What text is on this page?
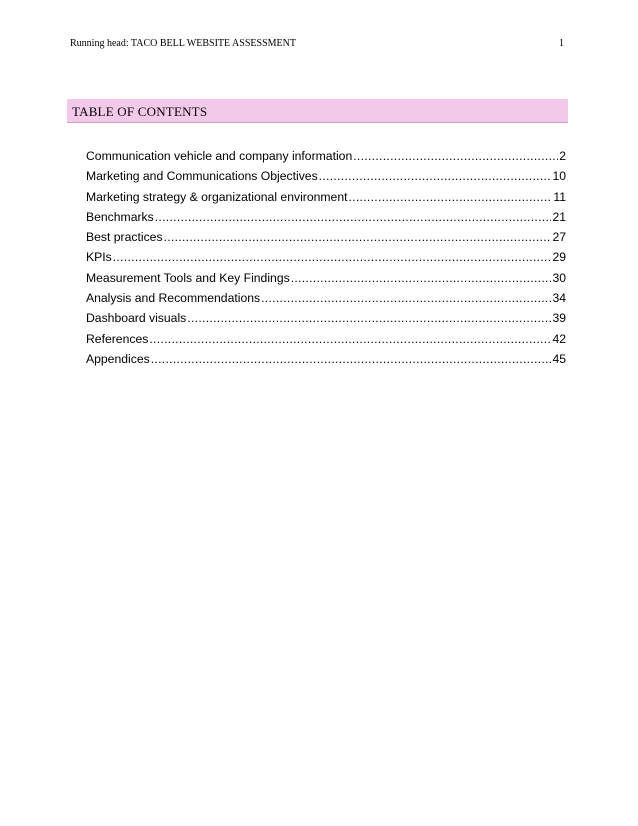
Running head: TACO BELL WEBSITE ASSESSMENT	1
TABLE OF CONTENTS
Communication vehicle and company information .....	2
Marketing and Communications Objectives .....	10
Marketing strategy & organizational environment .....	11
Benchmarks .....	21
Best practices .....	27
KPIs .....	29
Measurement Tools and Key Findings .....	30
Analysis and Recommendations .....	34
Dashboard visuals .....	39
References .....	42
Appendices .....	45
